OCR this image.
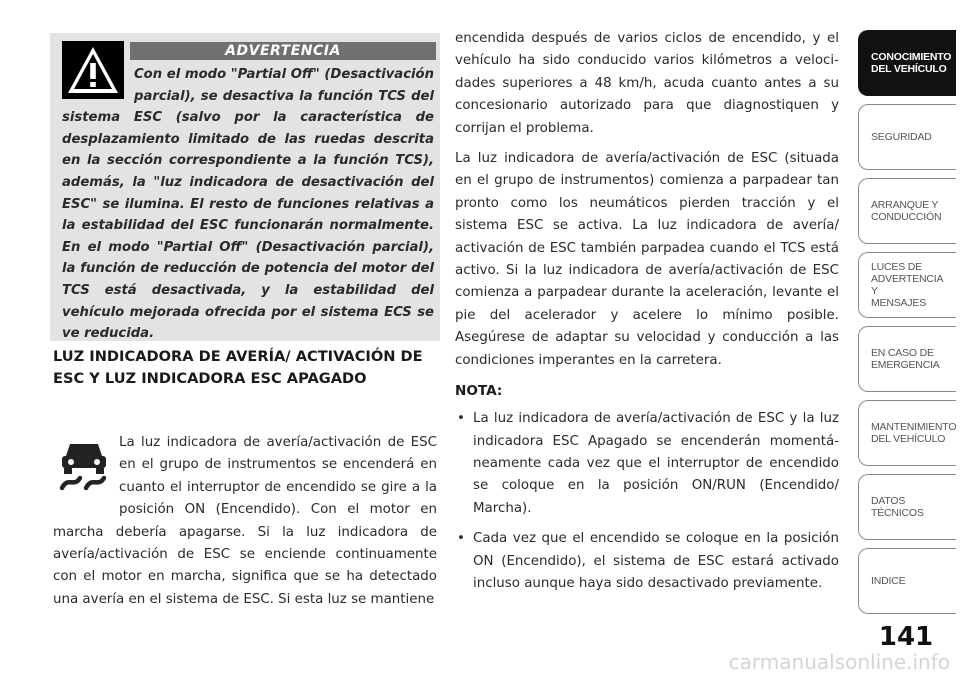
ADVERTENCIA

Con el modo "Partial Off" (Desactivación parcial), se desactiva la función TCS del sistema ESC (salvo por la característica de desplazamiento limitado de las ruedas descrita en la sección correspondiente a la función TCS), además, la "luz indicadora de desactivación del ESC" se ilumina. El resto de funciones relativas a la estabilidad del ESC funcionarán normalmente. En el modo "Partial Off" (Desactivación parcial), la función de reducción de potencia del motor del TCS está desactivada, y la estabilidad del vehículo mejorada ofrecida por el sistema ECS se ve reducida.

LUZ INDICADORA DE AVERÍA/ ACTIVACIÓN DE ESC Y LUZ INDICADORA ESC APAGADO

La luz indicadora de avería/activación de ESC en el grupo de instrumentos se encenderá en cuanto el interruptor de encendido se gire a la posición ON (Encendido). Con el motor en marcha debería apagarse. Si la luz indicadora de avería/activación de ESC se enciende continuamente con el motor en marcha, significa que se ha detectado una avería en el sistema de ESC. Si esta luz se mantiene

encendida después de varios ciclos de encendido, y el vehículo ha sido conducido varios kilómetros a velocidades superiores a 48 km/h, acuda cuanto antes a su concesionario autorizado para que diagnostiquen y corrijan el problema.

La luz indicadora de avería/activación de ESC (situada en el grupo de instrumentos) comienza a parpadear tan pronto como los neumáticos pierden tracción y el sistema ESC se activa. La luz indicadora de avería/ activación de ESC también parpadea cuando el TCS está activo. Si la luz indicadora de avería/activación de ESC comienza a parpadear durante la aceleración, levante el pie del acelerador y acelere lo mínimo posible. Asegúrese de adaptar su velocidad y conducción a las condiciones imperantes en la carretera.

NOTA:
• La luz indicadora de avería/activación de ESC y la luz indicadora ESC Apagado se encenderán momentáneamente cada vez que el interruptor de encendido se coloque en la posición ON/RUN (Encendido/ Marcha).
• Cada vez que el encendido se coloque en la posición ON (Encendido), el sistema de ESC estará activado incluso aunque haya sido desactivado previamente.
CONOCIMIENTO
DEL VEHÍCULO
SEGURIDAD
ARRANQUE Y
CONDUCCIÓN
LUCES DE
ADVERTENCIA Y
MENSAJES
EN CASO DE
EMERGENCIA
MANTENIMIENTO
DEL VEHÍCULO
DATOS
TÉCNICOS
INDICE
141
carmanualsonline.info
